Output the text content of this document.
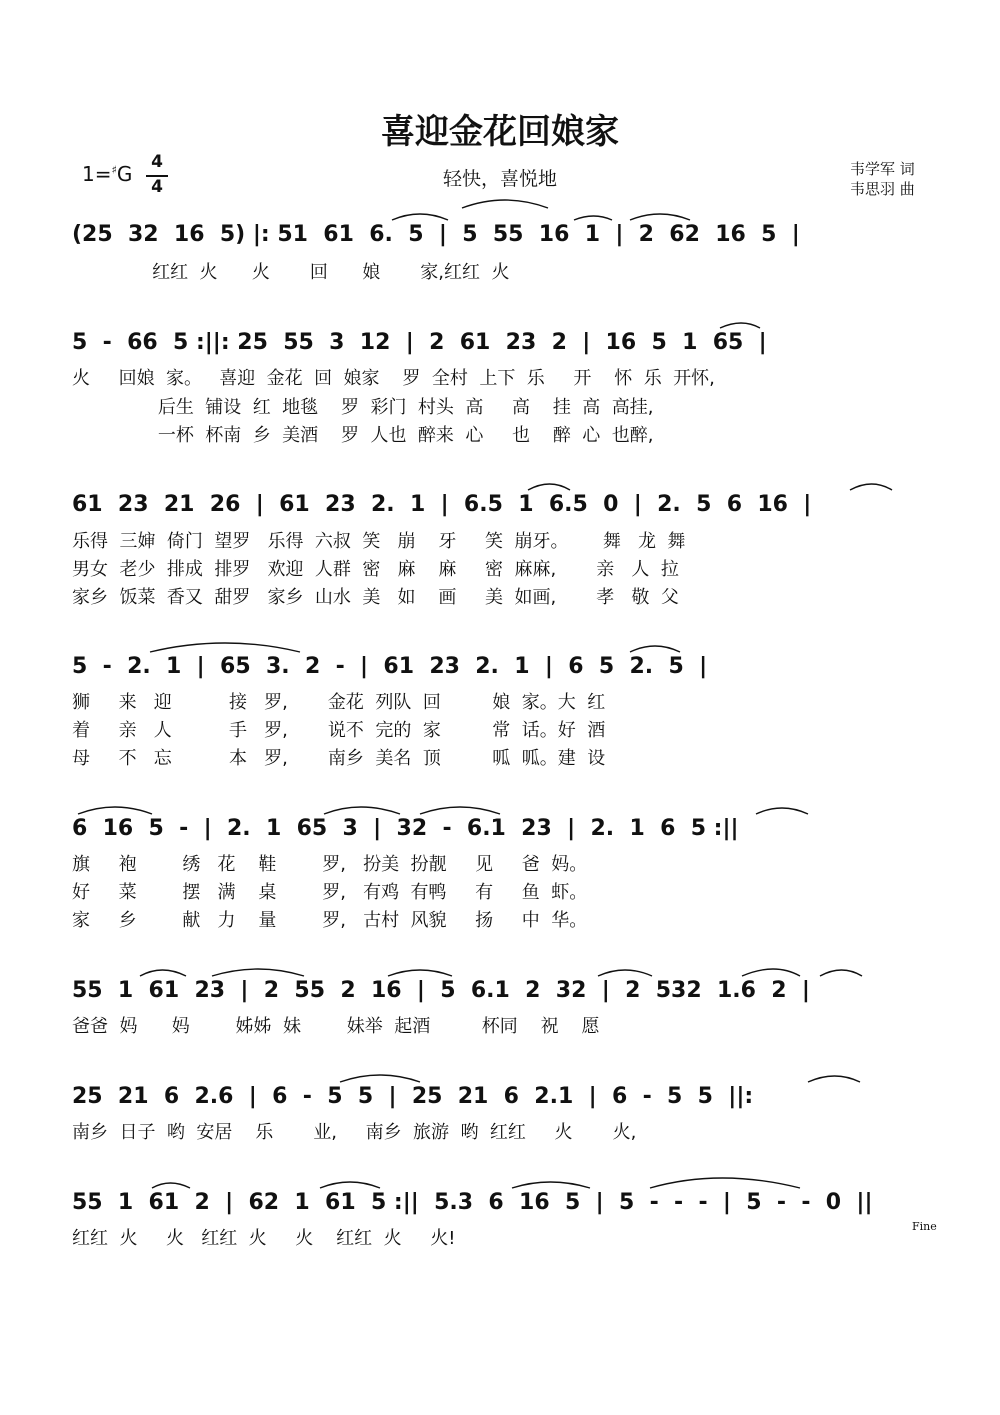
喜迎金花回娘家
1=♯G 4
4	轻快，喜悦地	韦学军 词
韦思羽 曲
(25  32  16  5) |: 51  61  6.  5  |  5  55  16  1  |  2  62  16  5  |
红红  火      火       回      娘       家,红红  火
5  -  66  5 :||: 25  55  3  12  |  2  61  23  2  |  16  5  1  65  |
火     回娘  家。   喜迎  金花  回  娘家    罗  全村  上下  乐     开    怀  乐  开怀,
后生  铺设  红  地毯    罗  彩门  村头  高     高    挂  高  高挂,
一杯  杯南  乡  美酒    罗  人也  醉来  心     也    醉  心  也醉,
61  23  21  26  |  61  23  2.  1  |  6.5  1  6.5  0  |  2.  5  6  16  |
乐得  三婶  倚门  望罗   乐得  六叔  笑   崩    牙     笑  崩牙。      舞   龙  舞
男女  老少  排成  排罗   欢迎  人群  密   麻    麻     密  麻麻,       亲   人  拉
家乡  饭菜  香又  甜罗   家乡  山水  美   如    画     美  如画,       孝   敬  父
5  -  2.  1  |  65  3.  2  -  |  61  23  2.  1  |  6  5  2.  5  |
狮     来   迎          接   罗,       金花  列队  回         娘  家。大  红
着     亲   人          手   罗,       说不  完的  家         常  话。好  酒
母     不   忘          本   罗,       南乡  美名  顶         呱  呱。建  设
6  16  5  -  |  2.  1  65  3  |  32  -  6.1  23  |  2.  1  6  5 :||
旗     袍        绣   花    鞋        罗,   扮美  扮靓     见     爸  妈。
好     菜        摆   满    桌        罗,   有鸡  有鸭     有     鱼  虾。
家     乡        献   力    量        罗,   古村  风貌     扬     中  华。
55  1  61  23  |  2  55  2  16  |  5  6.1  2  32  |  2  532  1.6  2  |
爸爸  妈      妈        姊姊  妹        妹举  起酒         杯同    祝    愿
25  21  6  2.6  |  6  -  5  5  |  25  21  6  2.1  |  6  -  5  5  ||:
南乡  日子  哟  安居    乐       业,     南乡  旅游  哟  红红     火       火,
55  1  61  2  |  62  1  61  5 :||  5.3  6  16  5  |  5  -  -  -  |  5  -  -  0  ||
红红  火     火   红红  火     火    红红  火     火!
Fine
